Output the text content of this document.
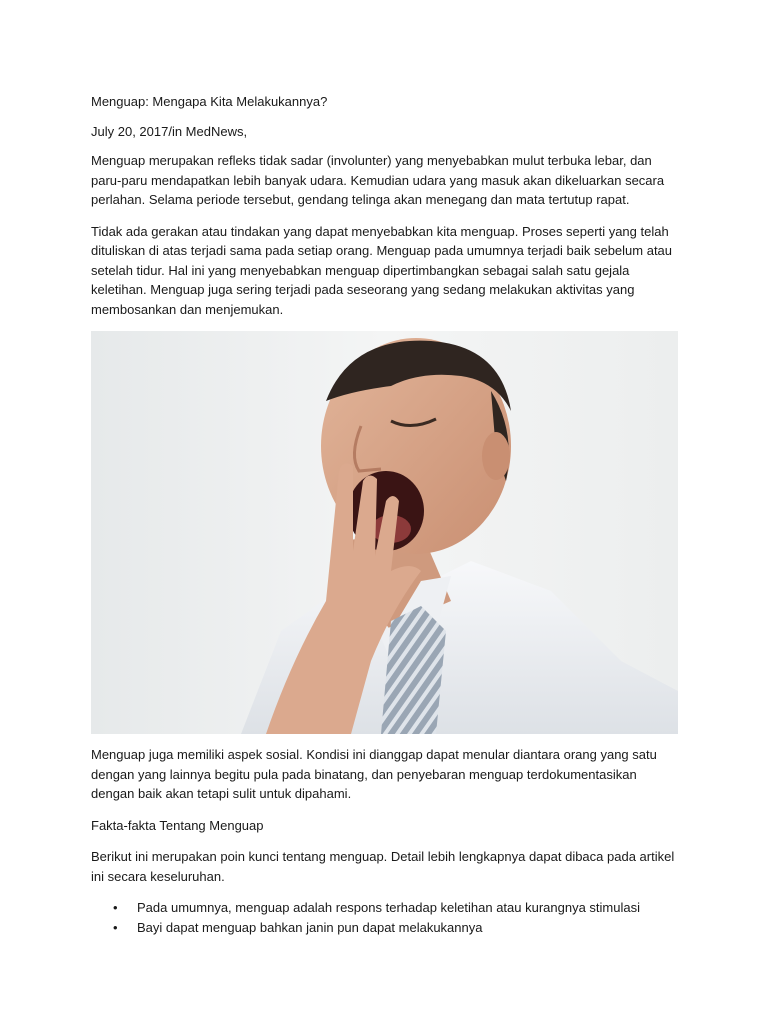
Menguap: Mengapa Kita Melakukannya?

July 20, 2017/in MedNews,

Menguap merupakan refleks tidak sadar (involunter) yang menyebabkan mulut terbuka lebar, dan paru-paru mendapatkan lebih banyak udara. Kemudian udara yang masuk akan dikeluarkan secara perlahan. Selama periode tersebut, gendang telinga akan menegang dan mata tertutup rapat.

Tidak ada gerakan atau tindakan yang dapat menyebabkan kita menguap. Proses seperti yang telah dituliskan di atas terjadi sama pada setiap orang. Menguap pada umumnya terjadi baik sebelum atau setelah tidur. Hal ini yang menyebabkan menguap dipertimbangkan sebagai salah satu gejala keletihan. Menguap juga sering terjadi pada seseorang yang sedang melakukan aktivitas yang membosankan dan menjemukan.

Menguap juga memiliki aspek sosial. Kondisi ini dianggap dapat menular diantara orang yang satu dengan yang lainnya begitu pula pada binatang, dan penyebaran menguap terdokumentasikan dengan baik akan tetapi sulit untuk dipahami.

Fakta-fakta Tentang Menguap

Berikut ini merupakan poin kunci tentang menguap. Detail lebih lengkapnya dapat dibaca pada artikel ini secara keseluruhan.

• Pada umumnya, menguap adalah respons terhadap keletihan atau kurangnya stimulasi
• Bayi dapat menguap bahkan janin pun dapat melakukannya
